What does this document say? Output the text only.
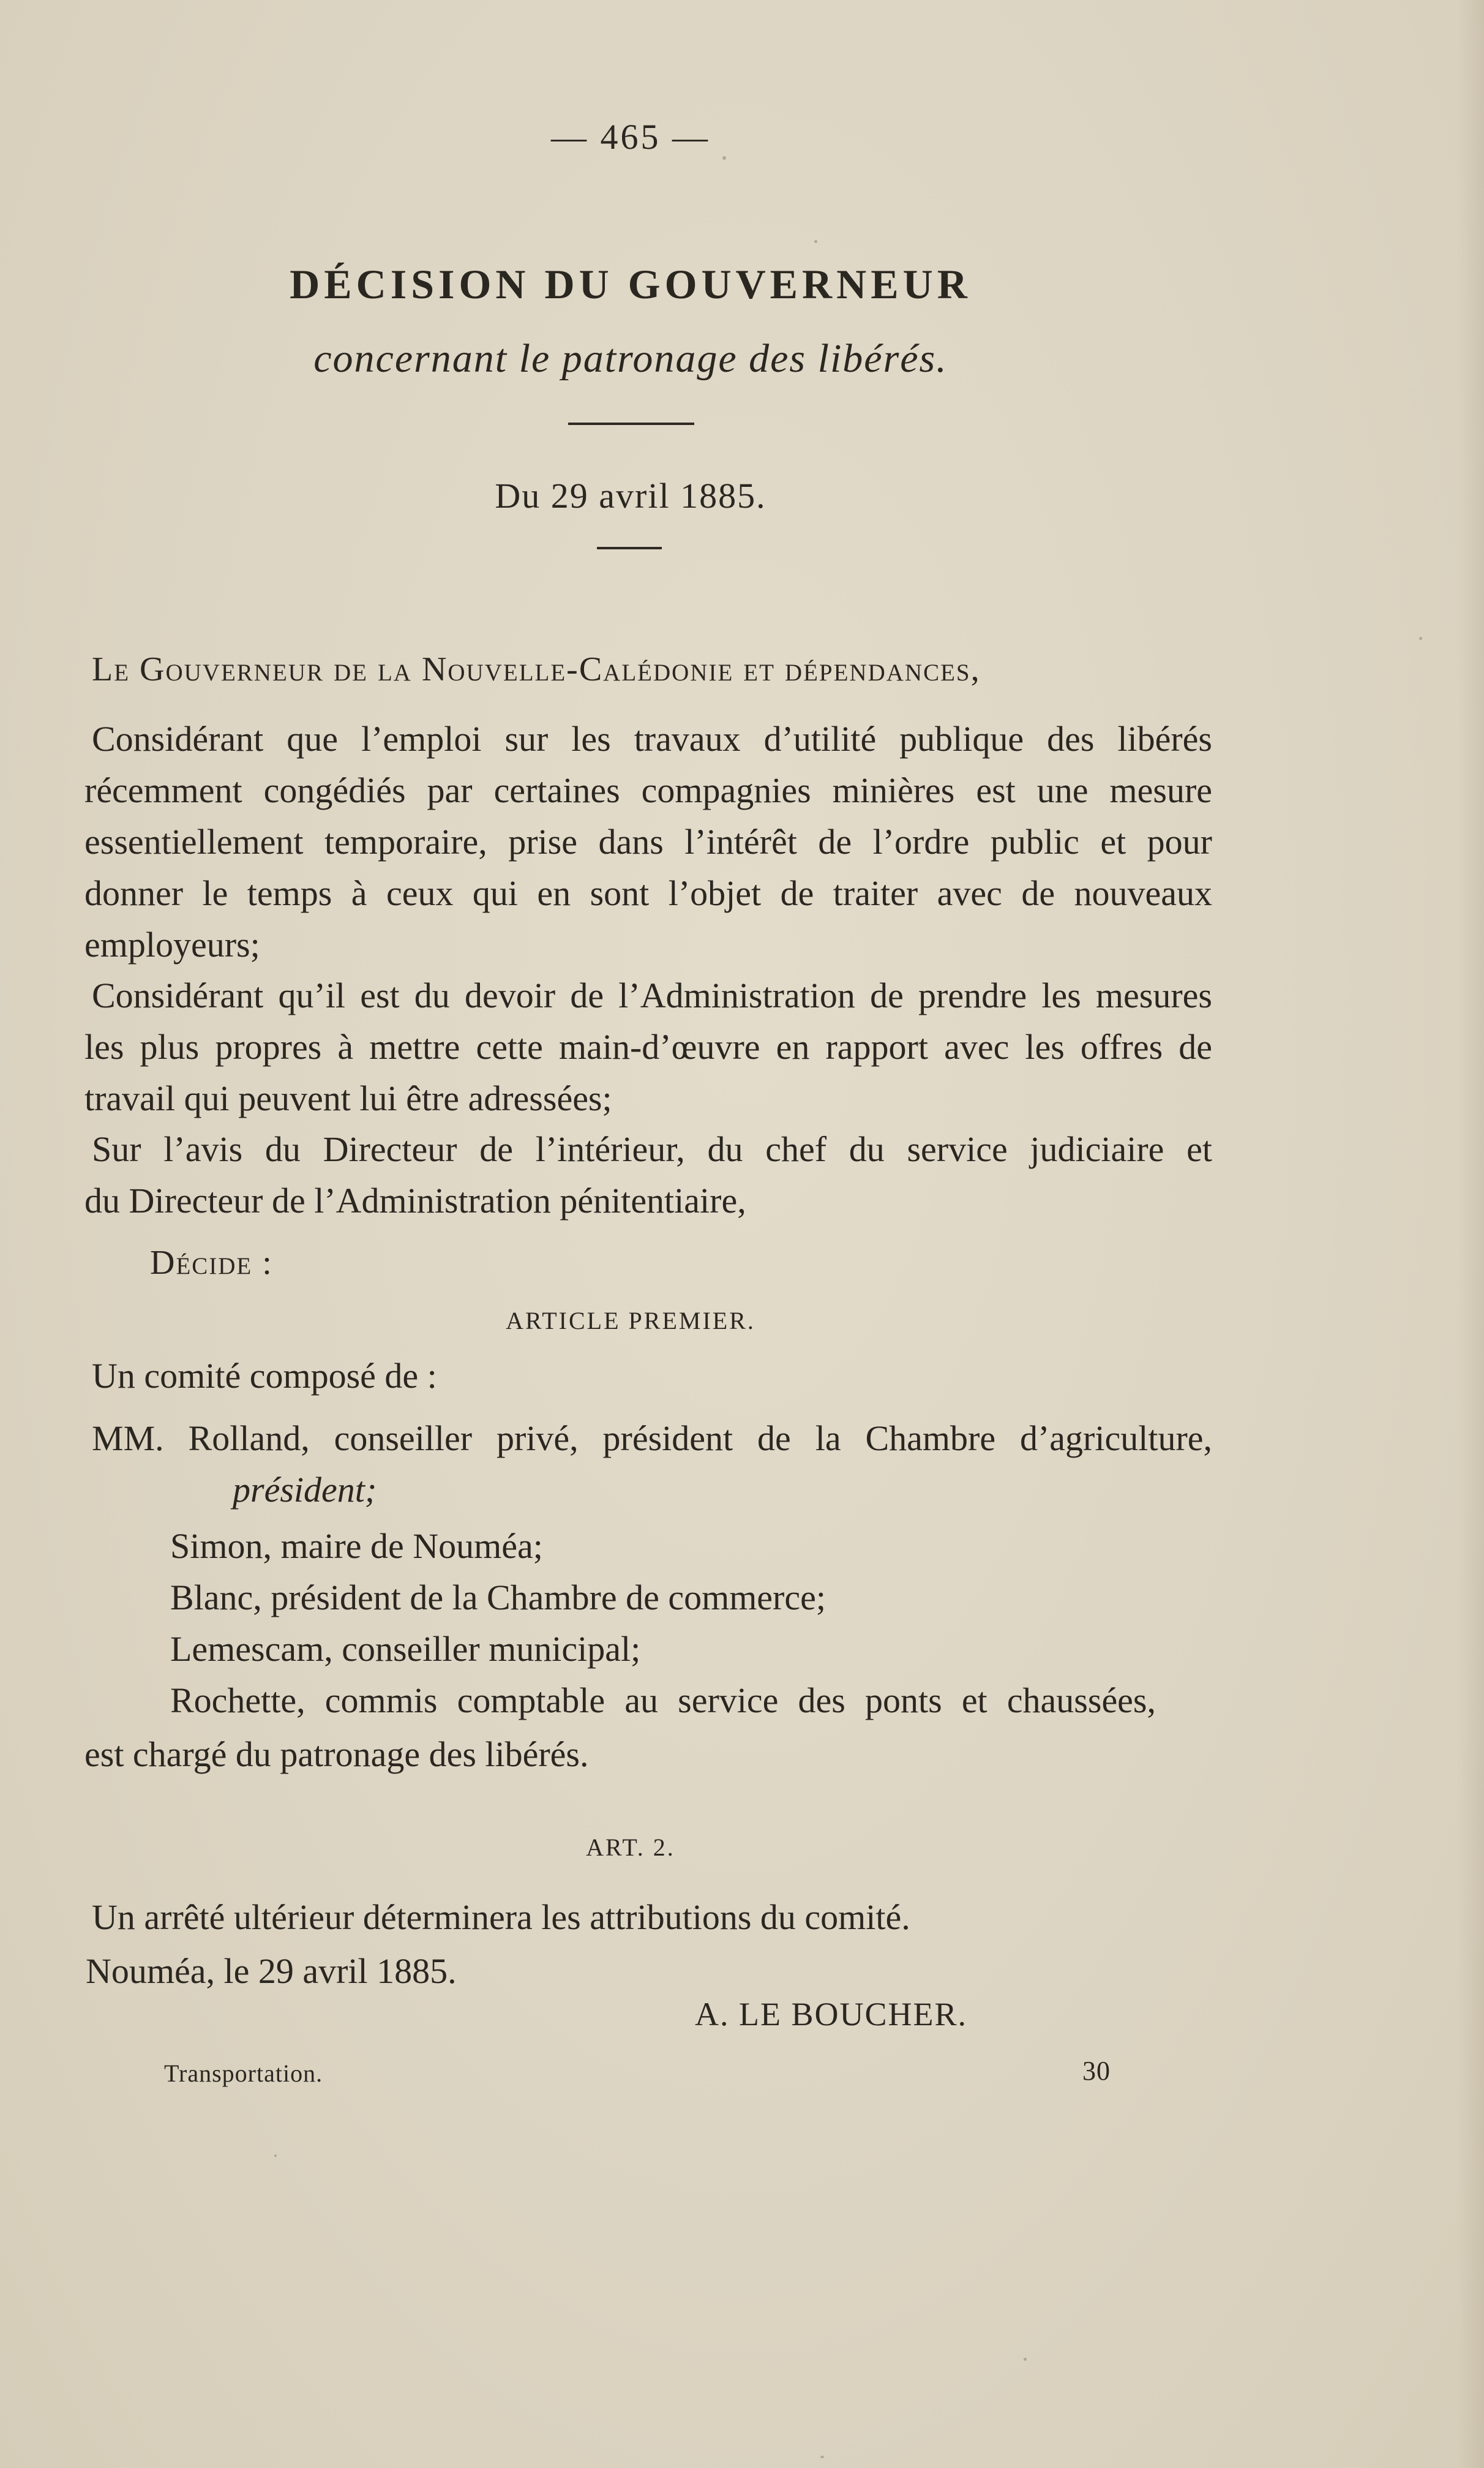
— 465 —
DÉCISION DU GOUVERNEUR
concernant le patronage des libérés.
Du 29 avril 1885.
Le Gouverneur de la Nouvelle-Calédonie et dépendances,
Considérant que l’emploi sur les travaux d’utilité publique des libérés
récemment congédiés par certaines compagnies minières est une mesure
essentiellement temporaire, prise dans l’intérêt de l’ordre public et pour
donner le temps à ceux qui en sont l’objet de traiter avec de nouveaux
employeurs;
Considérant qu’il est du devoir de l’Administration de prendre les mesures
les plus propres à mettre cette main-d’œuvre en rapport avec les offres de
travail qui peuvent lui être adressées;
Sur l’avis du Directeur de l’intérieur, du chef du service judiciaire et
du Directeur de l’Administration pénitentiaire,
Décide :
ARTICLE PREMIER.
Un comité composé de :
MM. Rolland, conseiller privé, président de la Chambre d’agriculture,
président;
Simon, maire de Nouméa;
Blanc, président de la Chambre de commerce;
Lemescam, conseiller municipal;
Rochette, commis comptable au service des ponts et chaussées,
est chargé du patronage des libérés.
ART. 2.
Un arrêté ultérieur déterminera les attributions du comité.
Nouméa, le 29 avril 1885.
A. LE BOUCHER.
Transportation.	30
